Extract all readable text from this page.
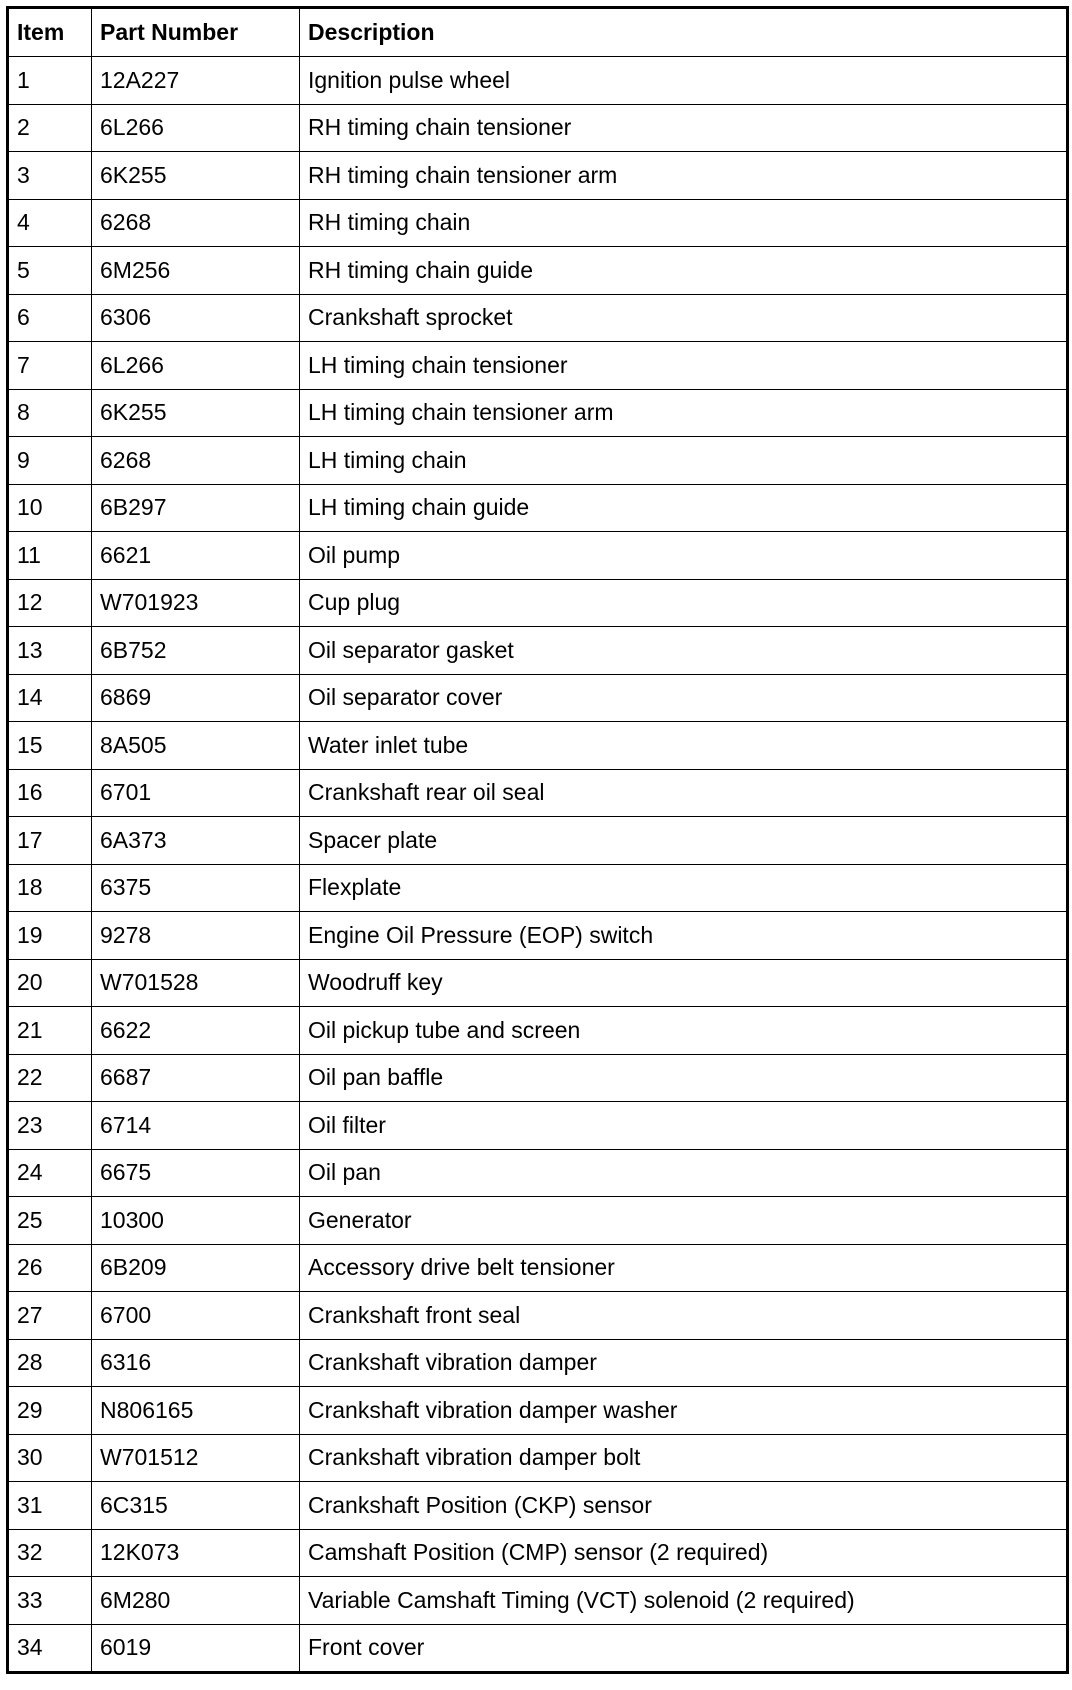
Item	Part Number	Description
1	12A227	Ignition pulse wheel
2	6L266	RH timing chain tensioner
3	6K255	RH timing chain tensioner arm
4	6268	RH timing chain
5	6M256	RH timing chain guide
6	6306	Crankshaft sprocket
7	6L266	LH timing chain tensioner
8	6K255	LH timing chain tensioner arm
9	6268	LH timing chain
10	6B297	LH timing chain guide
11	6621	Oil pump
12	W701923	Cup plug
13	6B752	Oil separator gasket
14	6869	Oil separator cover
15	8A505	Water inlet tube
16	6701	Crankshaft rear oil seal
17	6A373	Spacer plate
18	6375	Flexplate
19	9278	Engine Oil Pressure (EOP) switch
20	W701528	Woodruff key
21	6622	Oil pickup tube and screen
22	6687	Oil pan baffle
23	6714	Oil filter
24	6675	Oil pan
25	10300	Generator
26	6B209	Accessory drive belt tensioner
27	6700	Crankshaft front seal
28	6316	Crankshaft vibration damper
29	N806165	Crankshaft vibration damper washer
30	W701512	Crankshaft vibration damper bolt
31	6C315	Crankshaft Position (CKP) sensor
32	12K073	Camshaft Position (CMP) sensor (2 required)
33	6M280	Variable Camshaft Timing (VCT) solenoid (2 required)
34	6019	Front cover
